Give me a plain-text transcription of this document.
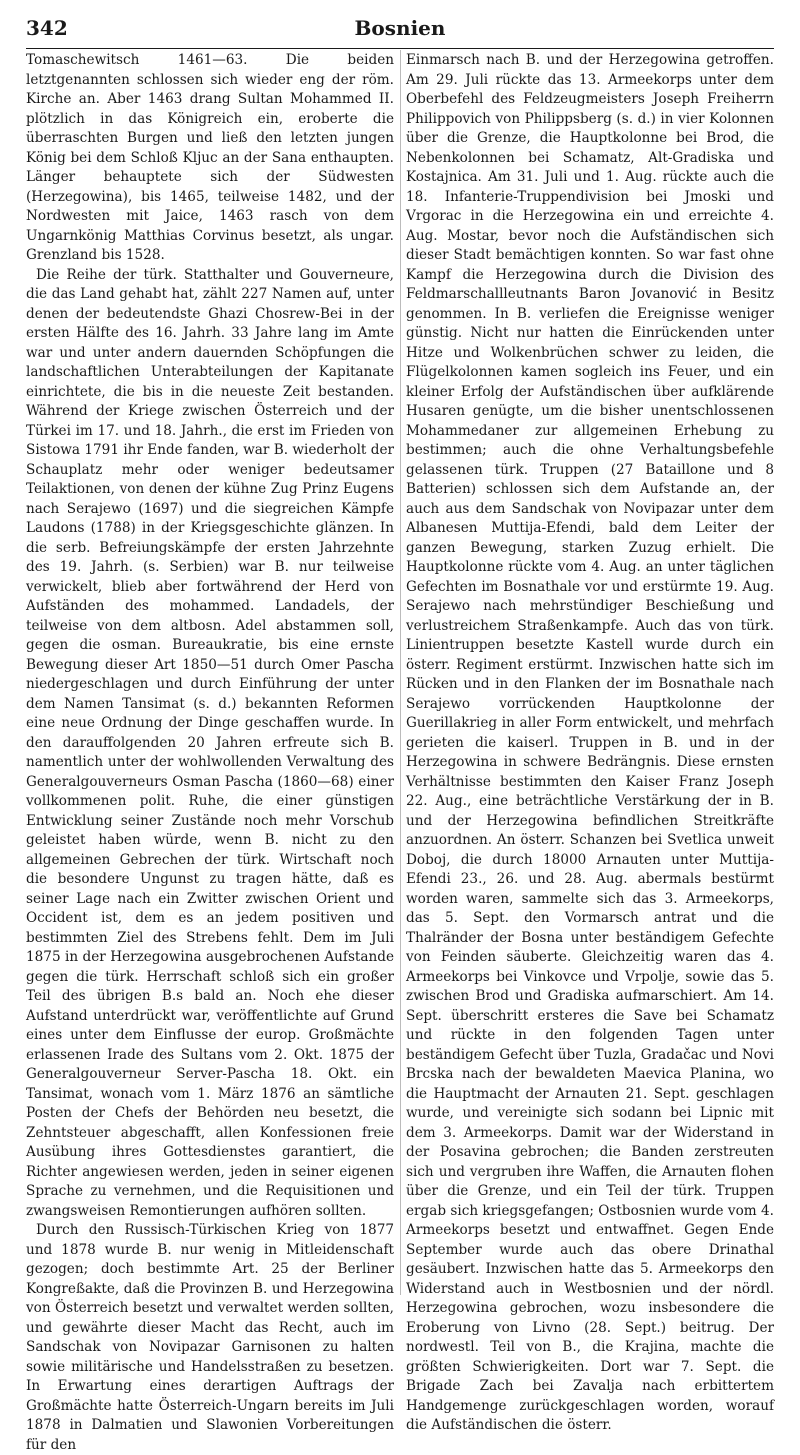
342	Bosnien

Tomaschewitsch 1461—63. Die beiden letztgenannten schlossen sich wieder eng der röm. Kirche an. Aber 1463 drang Sultan Mohammed II. plötzlich in das Königreich ein, eroberte die überraschten Burgen und ließ den letzten jungen König bei dem Schloß Kljuc an der Sana enthaupten. Länger behauptete sich der Südwesten (Herzegowina), bis 1465, teilweise 1482, und der Nordwesten mit Jaice, 1463 rasch von dem Ungarnkönig Matthias Corvinus besetzt, als ungar. Grenzland bis 1528.

Die Reihe der türk. Statthalter und Gouverneure, die das Land gehabt hat, zählt 227 Namen auf, unter denen der bedeutendste Ghazi Chosrew-Bei in der ersten Hälfte des 16. Jahrh. 33 Jahre lang im Amte war und unter andern dauernden Schöpfungen die landschaftlichen Unterabteilungen der Kapitanate einrichtete, die bis in die neueste Zeit bestanden. Während der Kriege zwischen Österreich und der Türkei im 17. und 18. Jahrh., die erst im Frieden von Sistowa 1791 ihr Ende fanden, war B. wiederholt der Schauplatz mehr oder weniger bedeutsamer Teilaktionen, von denen der kühne Zug Prinz Eugens nach Serajewo (1697) und die siegreichen Kämpfe Laudons (1788) in der Kriegsgeschichte glänzen. In die serb. Befreiungskämpfe der ersten Jahrzehnte des 19. Jahrh. (s. Serbien) war B. nur teilweise verwickelt, blieb aber fortwährend der Herd von Aufständen des mohammed. Landadels, der teilweise von dem altbosn. Adel abstammen soll, gegen die osman. Bureaukratie, bis eine ernste Bewegung dieser Art 1850—51 durch Omer Pascha niedergeschlagen und durch Einführung der unter dem Namen Tansimat (s. d.) bekannten Reformen eine neue Ordnung der Dinge geschaffen wurde. In den darauffolgenden 20 Jahren erfreute sich B. namentlich unter der wohlwollenden Verwaltung des Generalgouverneurs Osman Pascha (1860—68) einer vollkommenen polit. Ruhe, die einer günstigen Entwicklung seiner Zustände noch mehr Vorschub geleistet haben würde, wenn B. nicht zu den allgemeinen Gebrechen der türk. Wirtschaft noch die besondere Ungunst zu tragen hätte, daß es seiner Lage nach ein Zwitter zwischen Orient und Occident ist, dem es an jedem positiven und bestimmten Ziel des Strebens fehlt. Dem im Juli 1875 in der Herzegowina ausgebrochenen Aufstande gegen die türk. Herrschaft schloß sich ein großer Teil des übrigen B.s bald an. Noch ehe dieser Aufstand unterdrückt war, veröffentlichte auf Grund eines unter dem Einflusse der europ. Großmächte erlassenen Irade des Sultans vom 2. Okt. 1875 der Generalgouverneur Server-Pascha 18. Okt. ein Tansimat, wonach vom 1. März 1876 an sämtliche Posten der Chefs der Behörden neu besetzt, die Zehntsteuer abgeschafft, allen Konfessionen freie Ausübung ihres Gottesdienstes garantiert, die Richter angewiesen werden, jeden in seiner eigenen Sprache zu vernehmen, und die Requisitionen und zwangsweisen Remontierungen aufhören sollten.

Durch den Russisch-Türkischen Krieg von 1877 und 1878 wurde B. nur wenig in Mitleidenschaft gezogen; doch bestimmte Art. 25 der Berliner Kongreßakte, daß die Provinzen B. und Herzegowina von Österreich besetzt und verwaltet werden sollten, und gewährte dieser Macht das Recht, auch im Sandschak von Novipazar Garnisonen zu halten sowie militärische und Handelsstraßen zu besetzen. In Erwartung eines derartigen Auftrags der Großmächte hatte Österreich-Ungarn bereits im Juli 1878 in Dalmatien und Slawonien Vorbereitungen für den

Einmarsch nach B. und der Herzegowina getroffen. Am 29. Juli rückte das 13. Armeekorps unter dem Oberbefehl des Feldzeugmeisters Joseph Freiherrn Philippovich von Philippsberg (s. d.) in vier Kolonnen über die Grenze, die Hauptkolonne bei Brod, die Nebenkolonnen bei Schamatz, Alt-Gradiska und Kostajnica. Am 31. Juli und 1. Aug. rückte auch die 18. Infanterie-Truppendivision bei Jmoski und Vrgorac in die Herzegowina ein und erreichte 4. Aug. Mostar, bevor noch die Aufständischen sich dieser Stadt bemächtigen konnten. So war fast ohne Kampf die Herzegowina durch die Division des Feldmarschallleutnants Baron Jovanović in Besitz genommen. In B. verliefen die Ereignisse weniger günstig. Nicht nur hatten die Einrückenden unter Hitze und Wolkenbrüchen schwer zu leiden, die Flügelkolonnen kamen sogleich ins Feuer, und ein kleiner Erfolg der Aufständischen über aufklärende Husaren genügte, um die bisher unentschlossenen Mohammedaner zur allgemeinen Erhebung zu bestimmen; auch die ohne Verhaltungsbefehle gelassenen türk. Truppen (27 Bataillone und 8 Batterien) schlossen sich dem Aufstande an, der auch aus dem Sandschak von Novipazar unter dem Albanesen Muttija-Efendi, bald dem Leiter der ganzen Bewegung, starken Zuzug erhielt. Die Hauptkolonne rückte vom 4. Aug. an unter täglichen Gefechten im Bosnathale vor und erstürmte 19. Aug. Serajewo nach mehrstündiger Beschießung und verlustreichem Straßenkampfe. Auch das von türk. Linientruppen besetzte Kastell wurde durch ein österr. Regiment erstürmt. Inzwischen hatte sich im Rücken und in den Flanken der im Bosnathale nach Serajewo vorrückenden Hauptkolonne der Guerillakrieg in aller Form entwickelt, und mehrfach gerieten die kaiserl. Truppen in B. und in der Herzegowina in schwere Bedrängnis. Diese ernsten Verhältnisse bestimmten den Kaiser Franz Joseph 22. Aug., eine beträchtliche Verstärkung der in B. und der Herzegowina befindlichen Streitkräfte anzuordnen. An österr. Schanzen bei Svetlica unweit Doboj, die durch 18000 Arnauten unter Muttija-Efendi 23., 26. und 28. Aug. abermals bestürmt worden waren, sammelte sich das 3. Armeekorps, das 5. Sept. den Vormarsch antrat und die Thalränder der Bosna unter beständigem Gefechte von Feinden säuberte. Gleichzeitig waren das 4. Armeekorps bei Vinkovce und Vrpolje, sowie das 5. zwischen Brod und Gradiska aufmarschiert. Am 14. Sept. überschritt ersteres die Save bei Schamatz und rückte in den folgenden Tagen unter beständigem Gefecht über Tuzla, Gradačac und Novi Brcska nach der bewaldeten Maevica Planina, wo die Hauptmacht der Arnauten 21. Sept. geschlagen wurde, und vereinigte sich sodann bei Lipnic mit dem 3. Armeekorps. Damit war der Widerstand in der Posavina gebrochen; die Banden zerstreuten sich und vergruben ihre Waffen, die Arnauten flohen über die Grenze, und ein Teil der türk. Truppen ergab sich kriegsgefangen; Ostbosnien wurde vom 4. Armeekorps besetzt und entwaffnet. Gegen Ende September wurde auch das obere Drinathal gesäubert. Inzwischen hatte das 5. Armeekorps den Widerstand auch in Westbosnien und der nördl. Herzegowina gebrochen, wozu insbesondere die Eroberung von Livno (28. Sept.) beitrug. Der nordwestl. Teil von B., die Krajina, machte die größten Schwierigkeiten. Dort war 7. Sept. die Brigade Zach bei Zavalja nach erbittertem Handgemenge zurückgeschlagen worden, worauf die Aufständischen die österr.
